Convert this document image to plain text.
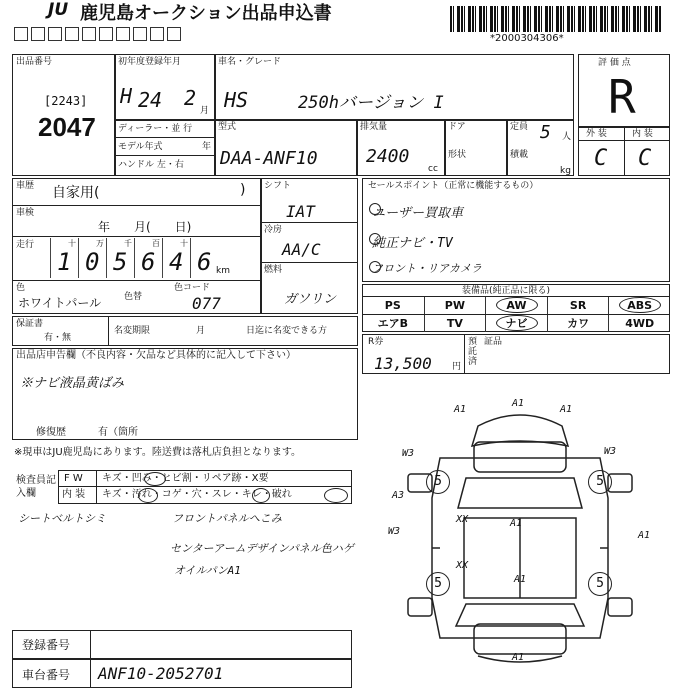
JU 鹿児島オークション出品申込書
*2000304306*
出品番号
[2243]
2047
初年度登録年月
H 24 2
月
車名・グレード
HS	250hバージョン I
ディーラー・並 行
モデル年式	年
ハンドル 左・右
型式
DAA-ANF10
排気量
2400
cc
ドア
形状
定員 5 人
積載
kg
評 価 点
R
外 装	内 装
C C
車歴 自家用(	)
車検
年　　月(　　日)
走行	十
1
万
0
千
5
百
6
十
4 6 km
色
ホワイトパール	色替
色コード
077
シフト
IAT
冷房
AA/C
燃料
ガソリン
セールスポイント（正常に機能するもの）
ユーザー買取車
純正ナビ・TV
フロント・リアカメラ
装備品(純正品に限る)
PS	PW	AW	SR	ABS
エアB	TV	ナビ	カワ	4WD
保証書
有・無
名変期限	月	日迄に名変できる方
R券
13,500 円
預託済
証品
出品店申告欄（不良内容・欠品など具体的に記入して下さい）
※ナビ液晶黄ばみ
修復歴	有（箇所
※現車はJU鹿児島にあります。陸送費は落札店負担となります。
検査員記入欄
F W キズ・凹み・ヒビ割・リペア跡・X要
内 装 キズ・汚れ・コゲ・穴・スレ・キレ・破れ
シートベルトシミ	フロントパネルへこみ
センターアームデザインパネル色ハゲ
オイルパンA1
5	5
5	5
A1
A1
A1
W3	W3
A3
W3
A1
XX
A1
XX
A1
A1
登録番号
車台番号 ANF10-2052701
